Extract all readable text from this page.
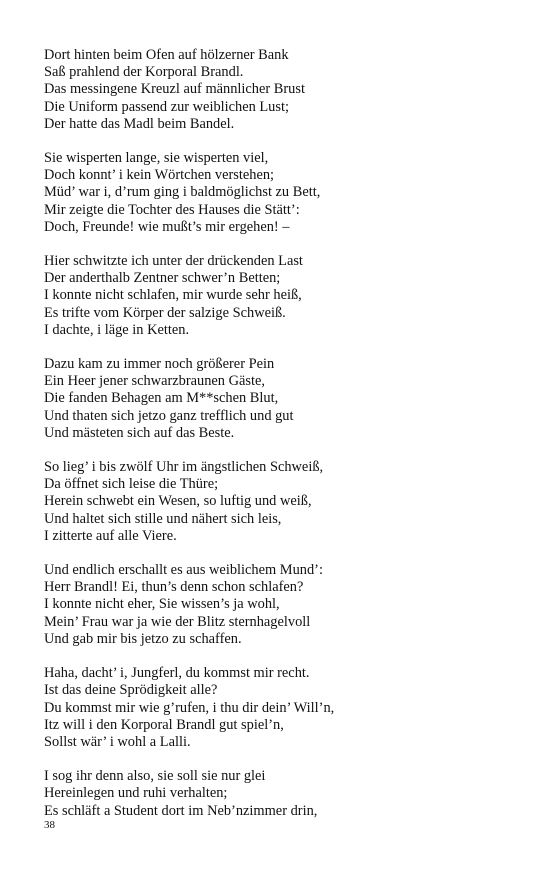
Dort hinten beim Ofen auf hölzerner Bank
Saß prahlend der Korporal Brandl.
Das messingene Kreuzl auf männlicher Brust
Die Uniform passend zur weiblichen Lust;
Der hatte das Madl beim Bandel.
Sie wisperten lange, sie wisperten viel,
Doch konnt’ i kein Wörtchen verstehen;
Müd’ war i, d’rum ging i baldmöglichst zu Bett,
Mir zeigte die Tochter des Hauses die Stätt’:
Doch, Freunde! wie mußt’s mir ergehen! –
Hier schwitzte ich unter der drückenden Last
Der anderthalb Zentner schwer’n Betten;
I konnte nicht schlafen, mir wurde sehr heiß,
Es trifte vom Körper der salzige Schweiß.
I dachte, i läge in Ketten.
Dazu kam zu immer noch größerer Pein
Ein Heer jener schwarzbraunen Gäste,
Die fanden Behagen am M**schen Blut,
Und thaten sich jetzo ganz trefflich und gut
Und mästeten sich auf das Beste.
So lieg’ i bis zwölf Uhr im ängstlichen Schweiß,
Da öffnet sich leise die Thüre;
Herein schwebt ein Wesen, so luftig und weiß,
Und haltet sich stille und nähert sich leis,
I zitterte auf alle Viere.
Und endlich erschallt es aus weiblichem Mund’:
Herr Brandl! Ei, thun’s denn schon schlafen?
I konnte nicht eher, Sie wissen’s ja wohl,
Mein’ Frau war ja wie der Blitz sternhagelvoll
Und gab mir bis jetzo zu schaffen.
Haha, dacht’ i, Jungferl, du kommst mir recht.
Ist das deine Sprödigkeit alle?
Du kommst mir wie g’rufen, i thu dir dein’ Will’n,
Itz will i den Korporal Brandl gut spiel’n,
Sollst wär’ i wohl a Lalli.
I sog ihr denn also, sie soll sie nur glei
Hereinlegen und ruhi verhalten;
Es schläft a Student dort im Neb’nzimmer drin,
38
